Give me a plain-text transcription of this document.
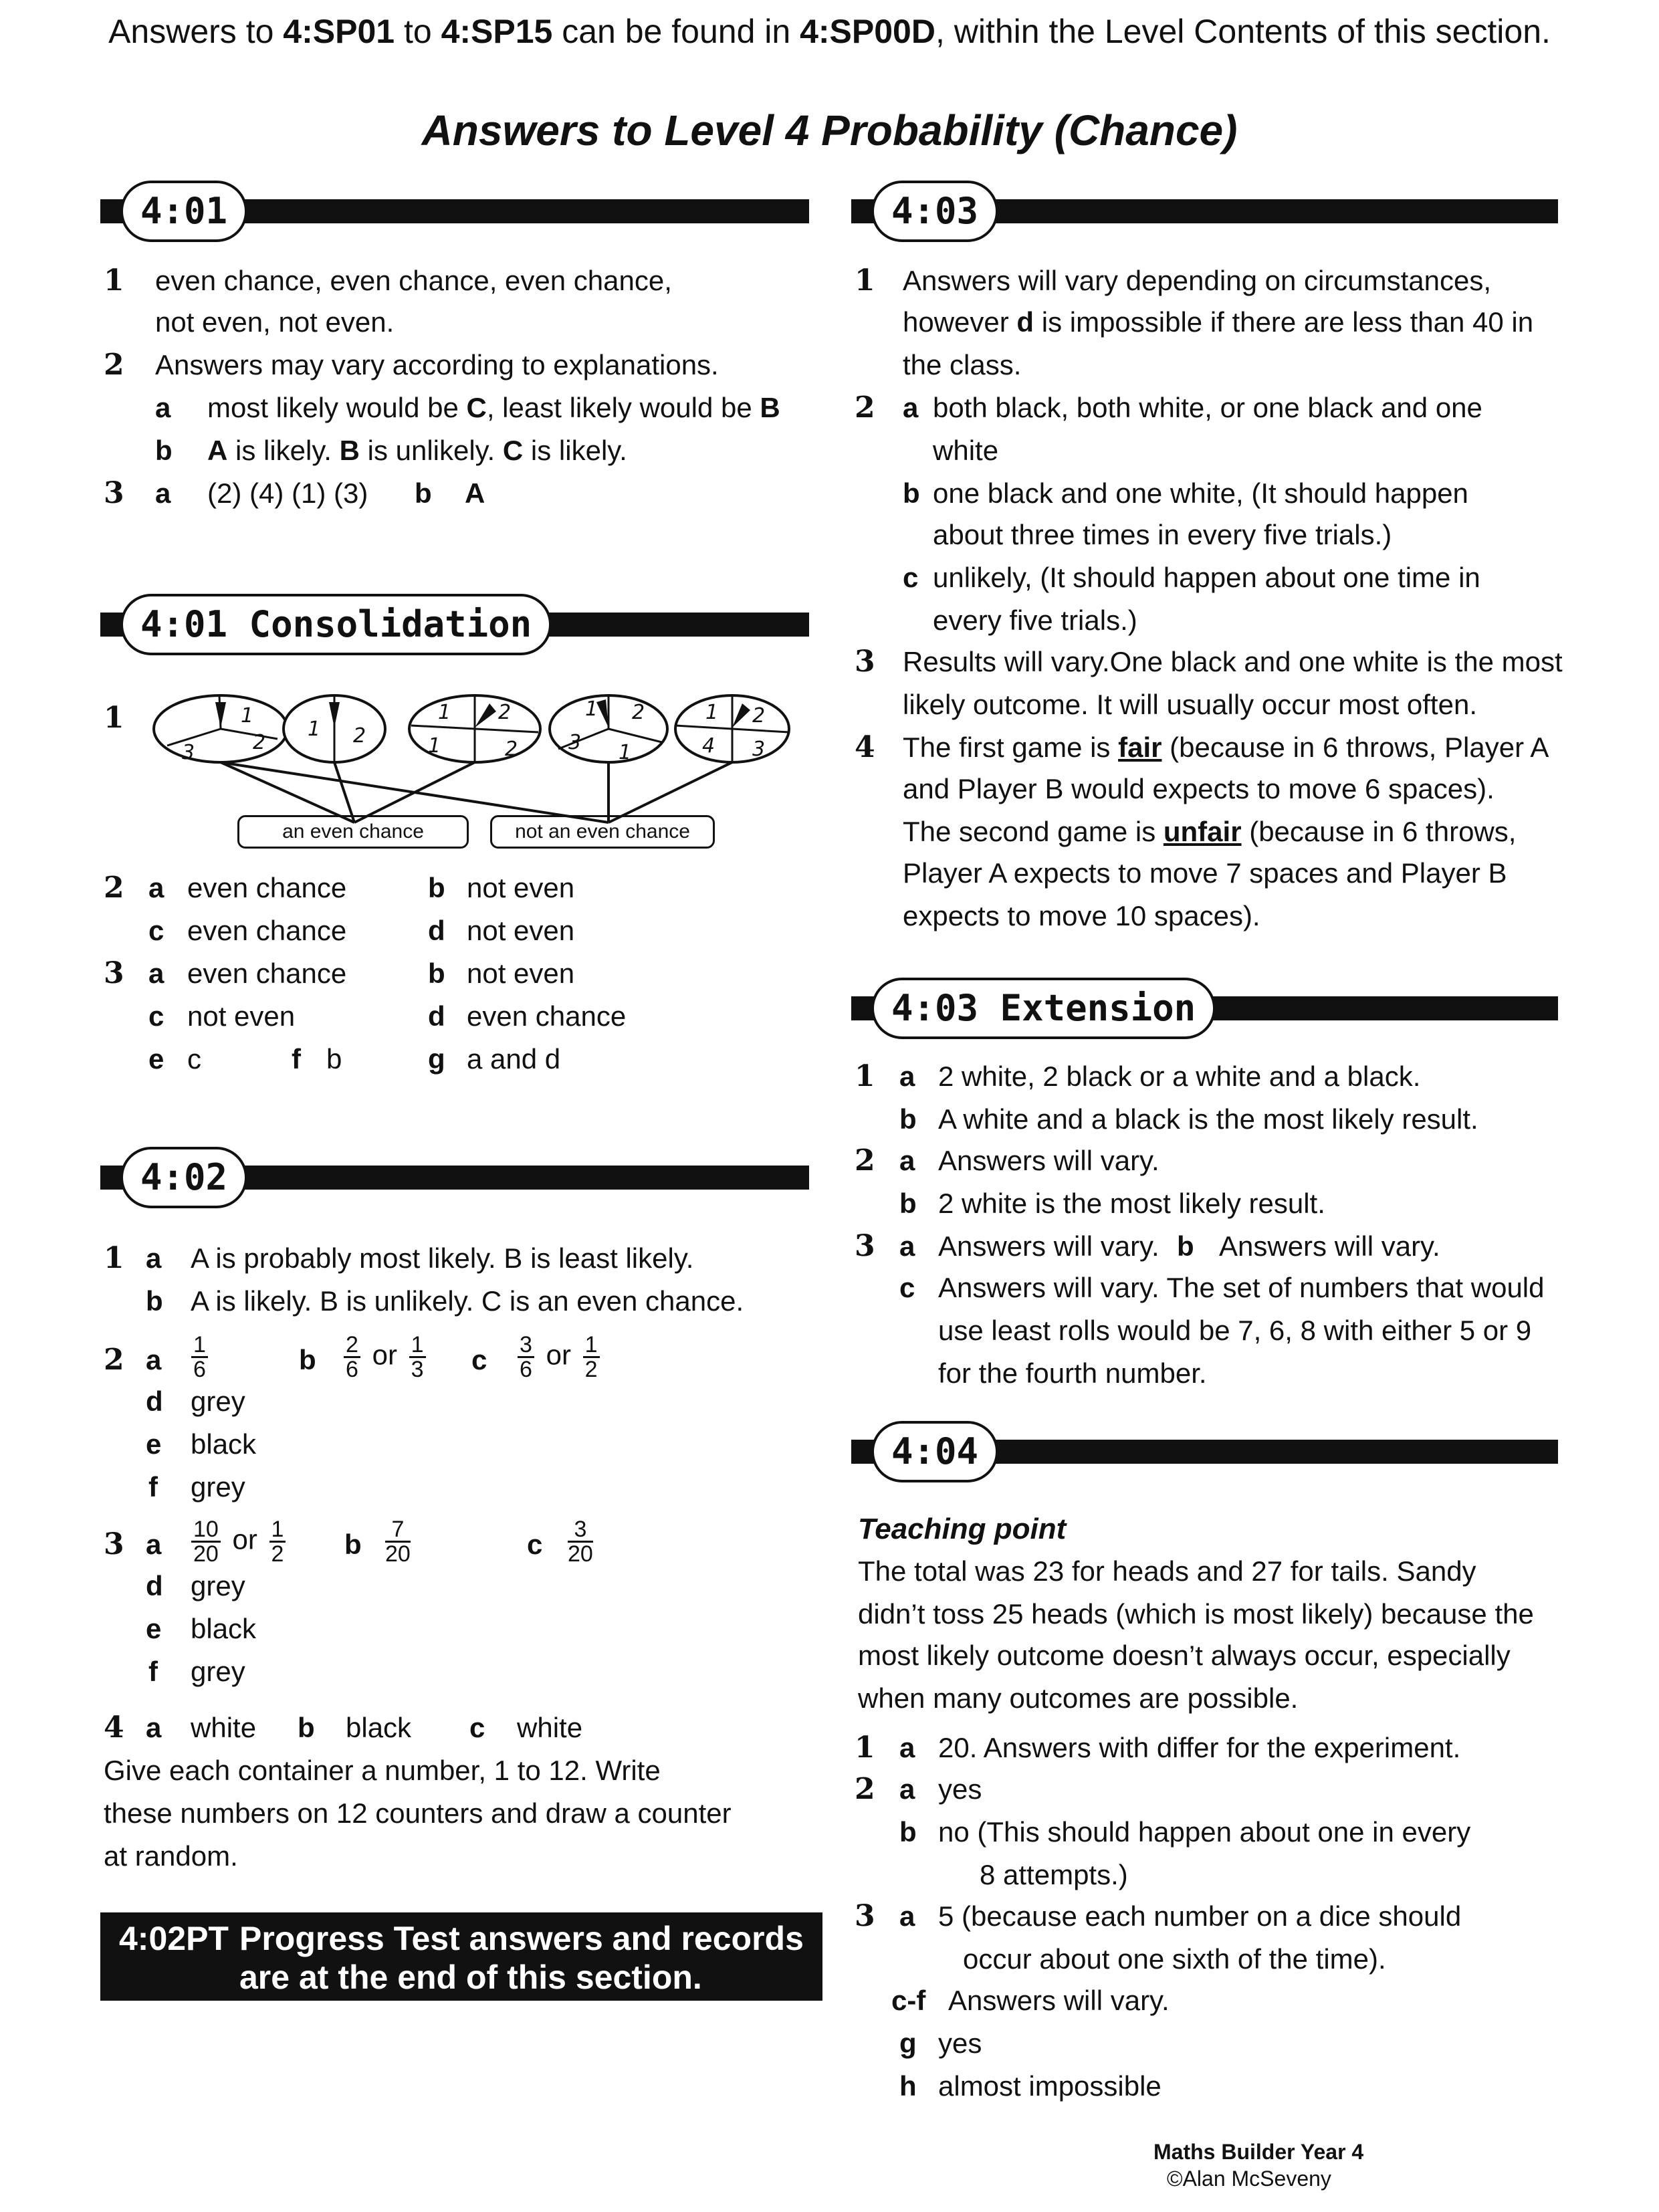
Answers to 4:SP01 to 4:SP15 can be found in 4:SP00D, within the Level Contents of this section.
Answers to Level 4 Probability (Chance)
4:01
1 even chance, even chance, even chance,
not even, not even.
2 Answers may vary according to explanations.
a most likely would be C, least likely would be B
b A is likely. B is unlikely. C is likely.
3 a (2) (4) (1) (3) b A
4:01 Consolidation
1	1
2
3
1 2
1 2
1	2
1 2
3 1
1 2
4 3
an even chance	not an even chance
2 a even chance	b not even
c even chance	d not even
3 a even chance	b not even
c not even	d even chance
e c	f b	g a and d
4:02
1 a A is probably most likely. B is least likely.
b A is likely. B is unlikely. C is an even chance.
2 a $\frac{1}{6}$	b $\frac{2}{6}$ or $\frac{1}{3}$ c $\frac{3}{6}$ or $\frac{1}{2}$
d grey
e black
f grey
3 a $\frac{10}{20}$ or $\frac{1}{2}$ b $\frac{7}{20}$	c $\frac{3}{20}$
d grey
e black
f grey
4 a white b black c white
Give each container a number, 1 to 12. Write
these numbers on 12 counters and draw a counter
at random.
4:02PT Progress Test answers and records
are at the end of this section.
4:03
1 Answers will vary depending on circumstances,
however d is impossible if there are less than 40 in
the class.
2 a both black, both white, or one black and one
white
b one black and one white, (It should happen
about three times in every five trials.)
c unlikely, (It should happen about one time in
every five trials.)
3 Results will vary.One black and one white is the most
likely outcome. It will usually occur most often.
4 The first game is fair (because in 6 throws, Player A
and Player B would expects to move 6 spaces).
The second game is unfair (because in 6 throws,
Player A expects to move 7 spaces and Player B
expects to move 10 spaces).
4:03 Extension
1 a 2 white, 2 black or a white and a black.
b A white and a black is the most likely result.
2 a Answers will vary.
b 2 white is the most likely result.
3 a Answers will vary. b Answers will vary.
c Answers will vary. The set of numbers that would
use least rolls would be 7, 6, 8 with either 5 or 9
for the fourth number.
4:04
Teaching point
The total was 23 for heads and 27 for tails. Sandy
didn’t toss 25 heads (which is most likely) because the
most likely outcome doesn’t always occur, especially
when many outcomes are possible.
1 a 20. Answers with differ for the experiment.
2 a yes
b no (This should happen about one in every
8 attempts.)
3 a 5 (because each number on a dice should
occur about one sixth of the time).
c-f Answers will vary.
g yes
h almost impossible
Maths Builder Year 4
©Alan McSeveny
